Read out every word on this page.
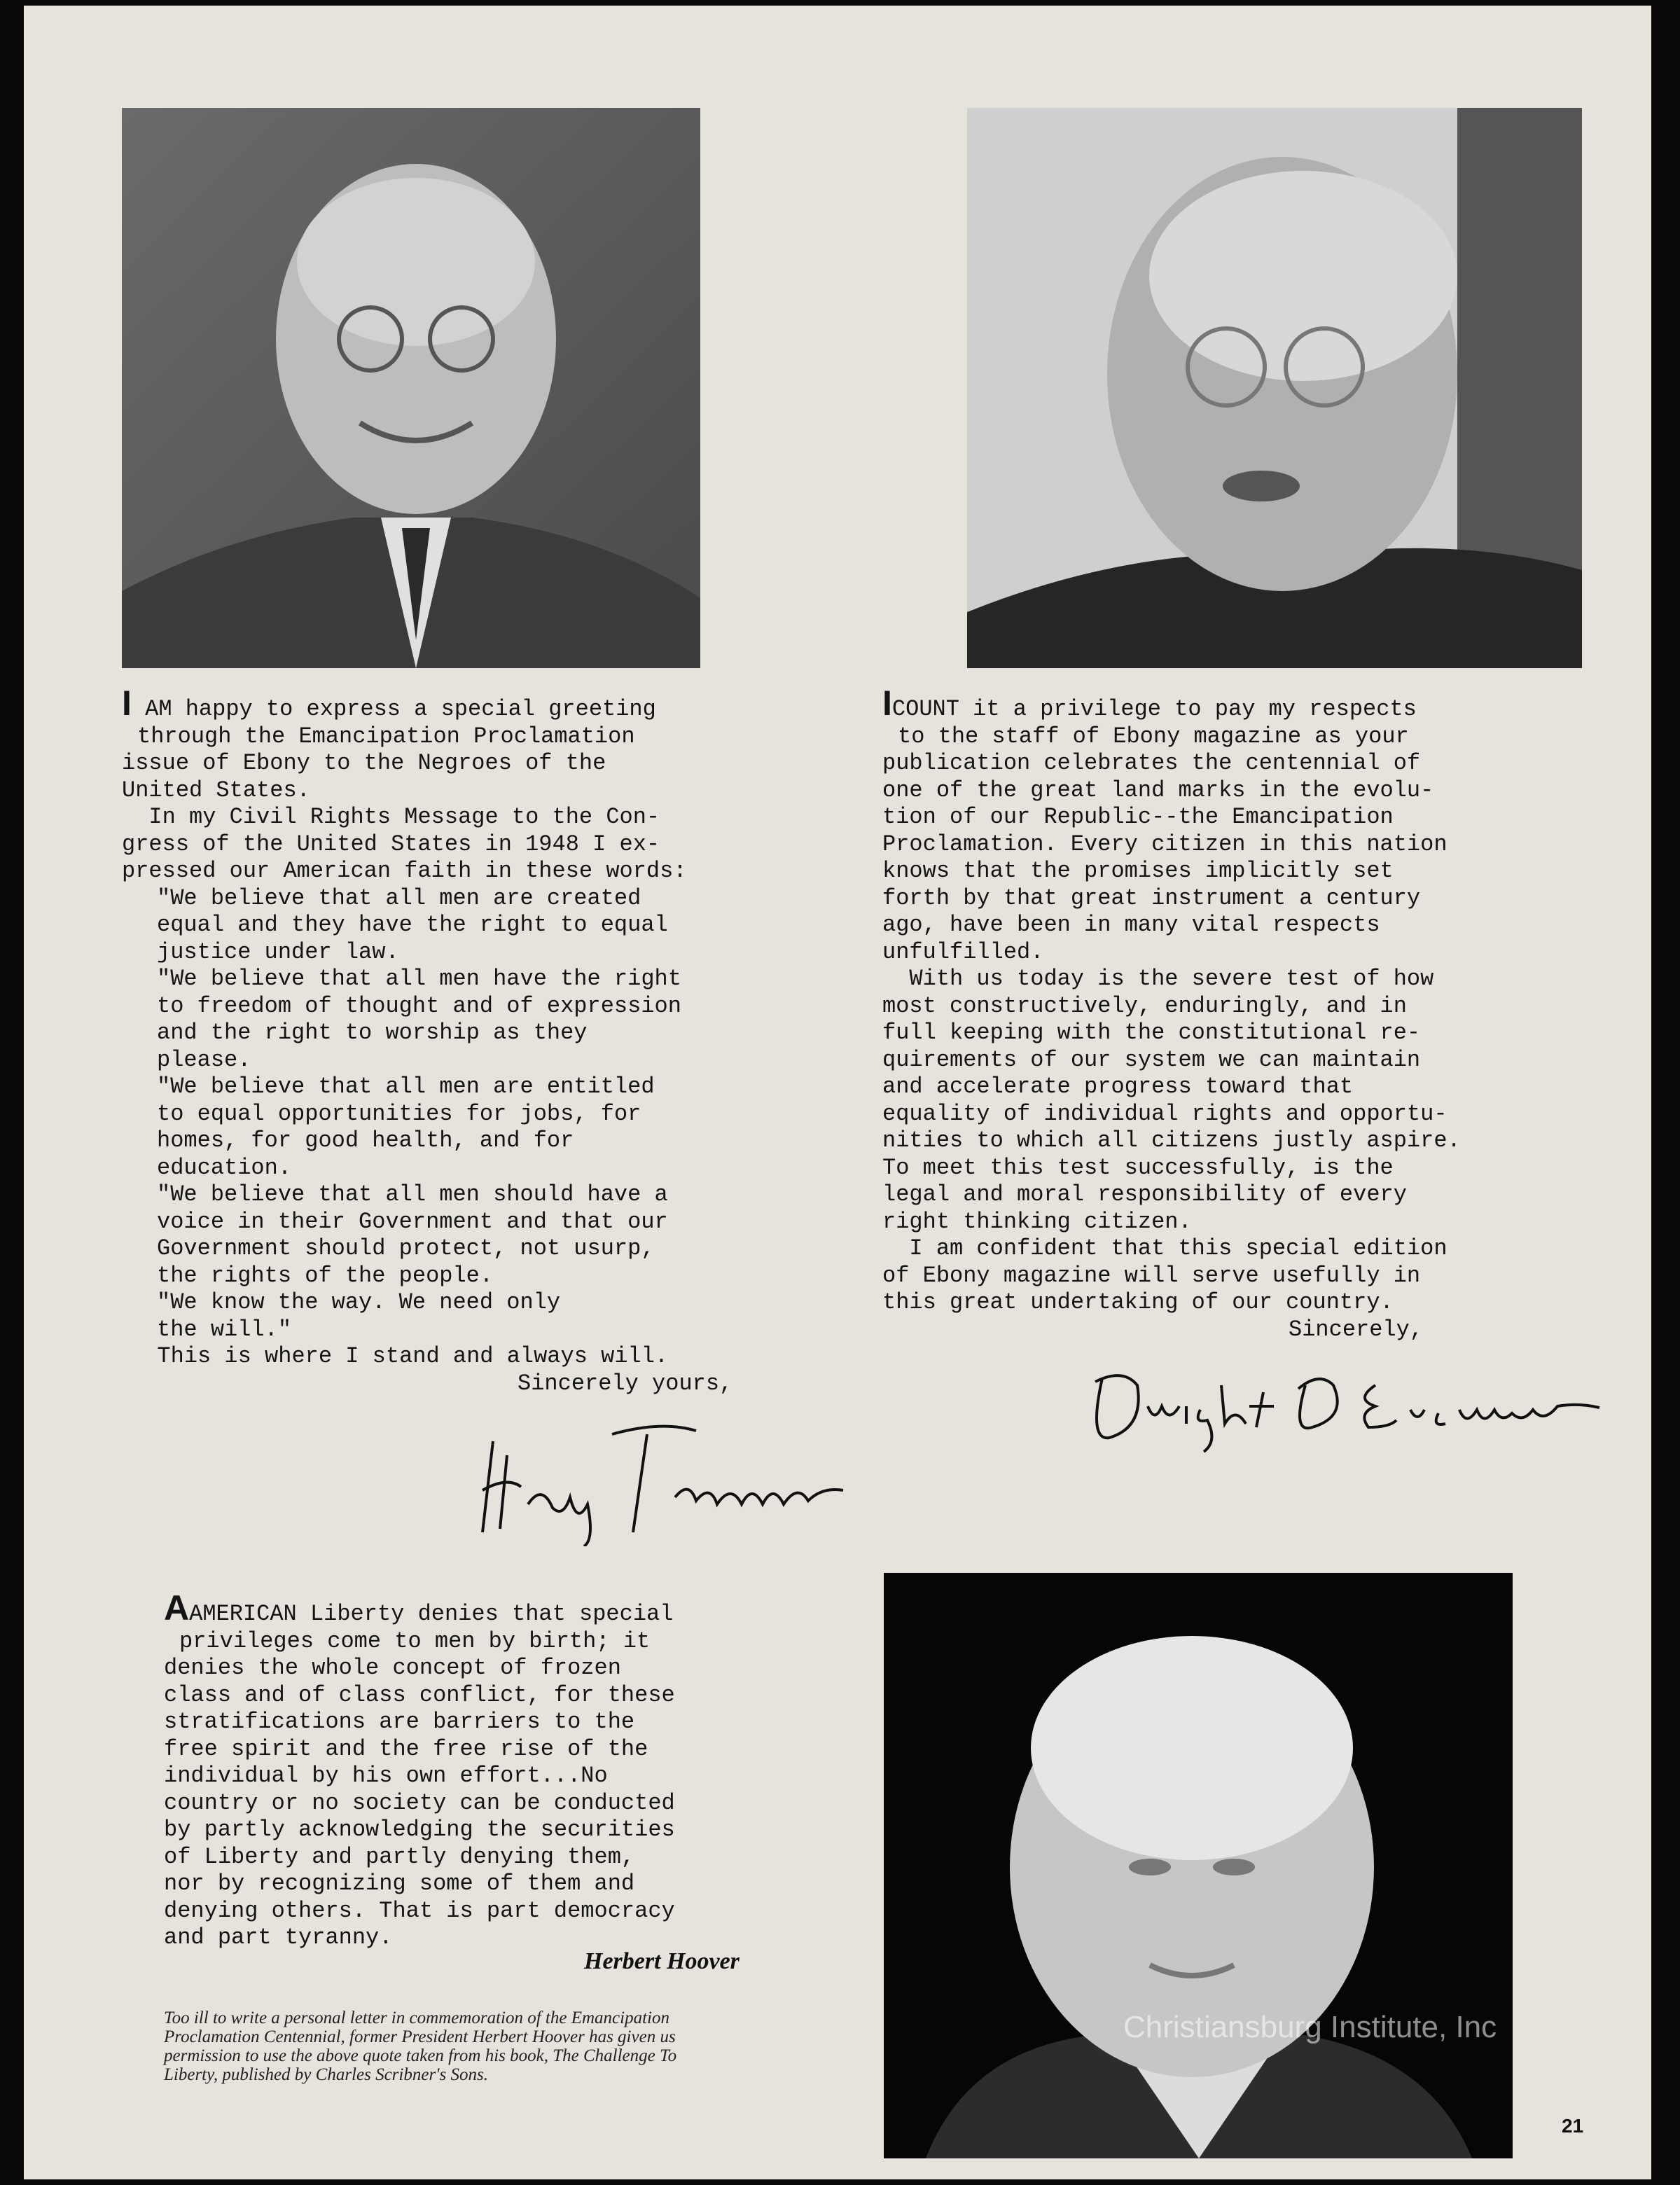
I AM happy to express a special greeting
through the Emancipation Proclamation
issue of Ebony to the Negroes of the
United States.
In my Civil Rights Message to the Con-
gress of the United States in 1948 I ex-
pressed our American faith in these words:
"We believe that all men are created
equal and they have the right to equal
justice under law.
"We believe that all men have the right
to freedom of thought and of expression
and the right to worship as they
please.
"We believe that all men are entitled
to equal opportunities for jobs, for
homes, for good health, and for
education.
"We believe that all men should have a
voice in their Government and that our
Government should protect, not usurp,
the rights of the people.
"We know the way. We need only
the will."
This is where I stand and always will.
Sincerely yours,
ICOUNT it a privilege to pay my respects
to the staff of Ebony magazine as your
publication celebrates the centennial of
one of the great land marks in the evolu-
tion of our Republic--the Emancipation
Proclamation. Every citizen in this nation
knows that the promises implicitly set
forth by that great instrument a century
ago, have been in many vital respects
unfulfilled.
With us today is the severe test of how
most constructively, enduringly, and in
full keeping with the constitutional re-
quirements of our system we can maintain
and accelerate progress toward that
equality of individual rights and opportu-
nities to which all citizens justly aspire.
To meet this test successfully, is the
legal and moral responsibility of every
right thinking citizen.
I am confident that this special edition
of Ebony magazine will serve usefully in
this great undertaking of our country.
Sincerely,
AAMERICAN Liberty denies that special
privileges come to men by birth; it
denies the whole concept of frozen
class and of class conflict, for these
stratifications are barriers to the
free spirit and the free rise of the
individual by his own effort...No
country or no society can be conducted
by partly acknowledging the securities
of Liberty and partly denying them,
nor by recognizing some of them and
denying others. That is part democracy
and part tyranny.
Herbert Hoover
Too ill to write a personal letter in commemoration of the Emancipation
Proclamation Centennial, former President Herbert Hoover has given us
permission to use the above quote taken from his book, The Challenge To
Liberty, published by Charles Scribner's Sons.
Christiansburg Institute, Inc
21
